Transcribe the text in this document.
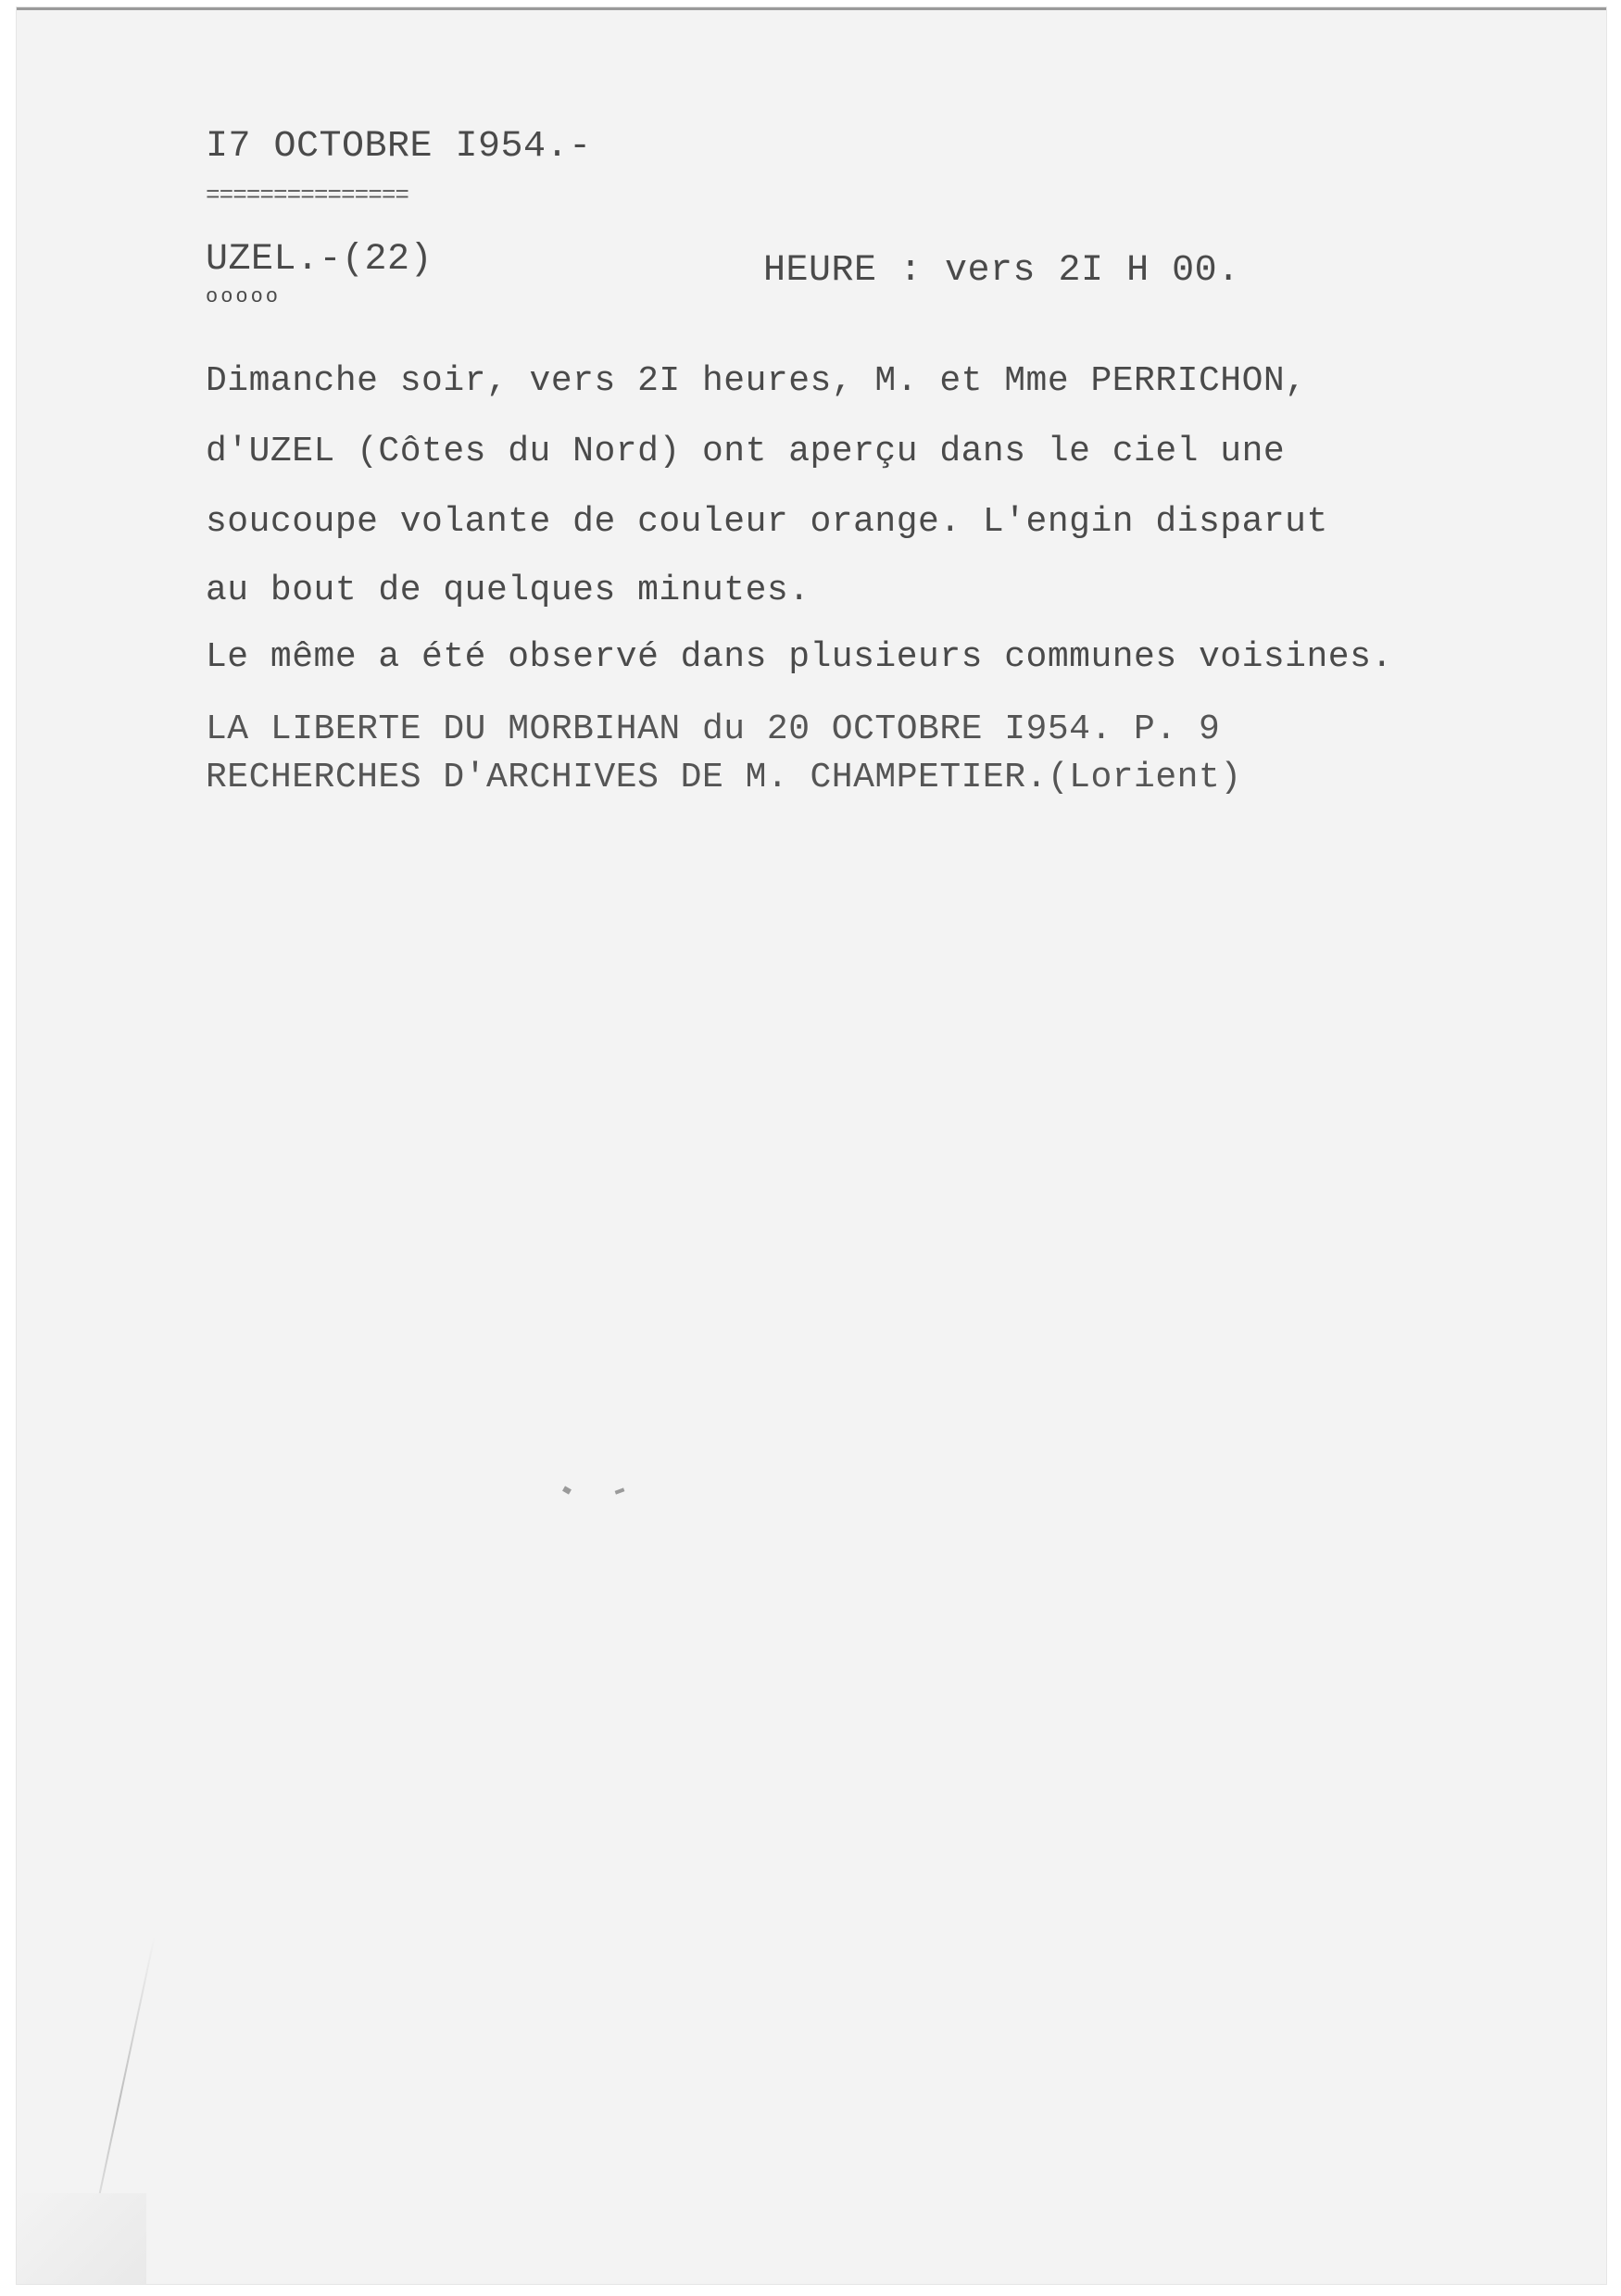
I7 OCTOBRE I954.-
===============
UZEL.-(22)
ooooo
HEURE : vers 2I H 00.
Dimanche soir, vers 2I heures, M. et Mme PERRICHON,
d'UZEL (Côtes du Nord) ont aperçu dans le ciel une
soucoupe volante de couleur orange. L'engin disparut
au bout de quelques minutes.
Le même a été observé dans plusieurs communes voisines.
LA LIBERTE DU MORBIHAN du 20 OCTOBRE I954. P. 9
RECHERCHES D'ARCHIVES DE M. CHAMPETIER.(Lorient)
